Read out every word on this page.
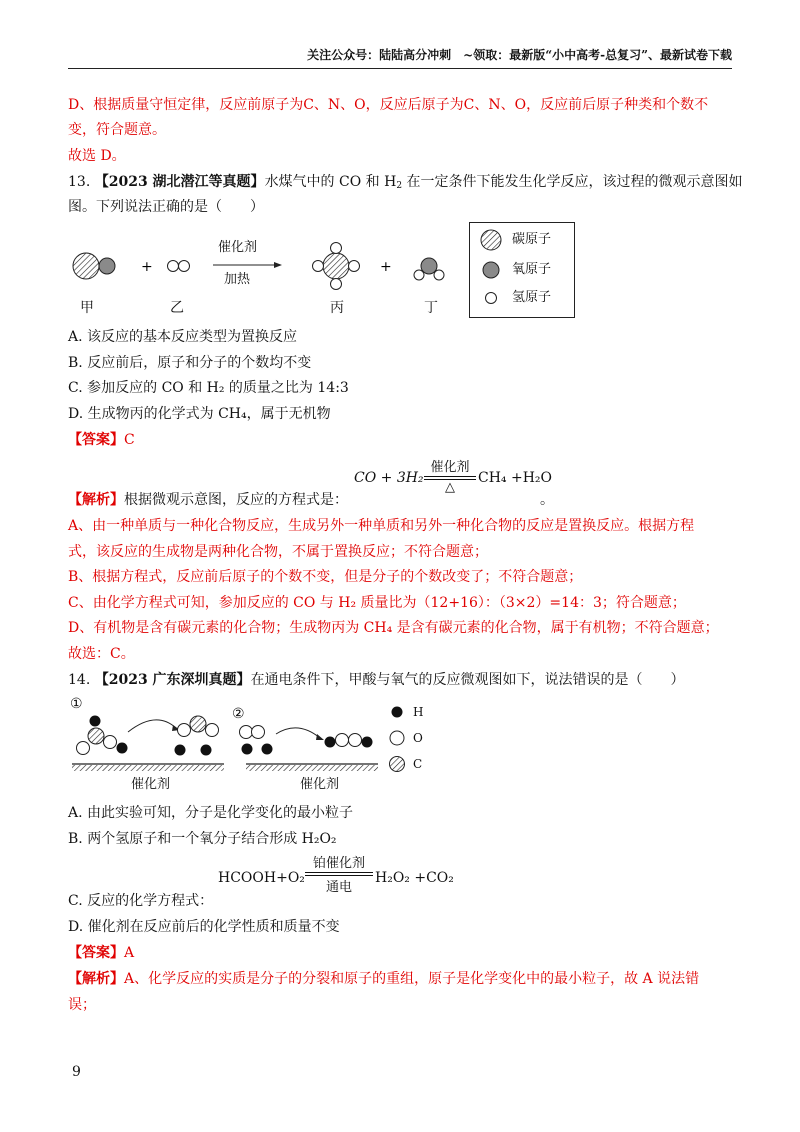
关注公众号：陆陆高分冲刺　~领取：最新版“小中高考-总复习”、最新试卷下载
D、根据质量守恒定律，反应前原子为C、N、O，反应后原子为C、N、O，反应前后原子种类和个数不
变，符合题意。
故选 D。
13. 【2023 湖北潜江等真题】水煤气中的 CO 和 $H_2$ 在一定条件下能发生化学反应，该过程的微观示意图如
图。下列说法正确的是（　　）
+	+
催化剂
加热
甲	乙	丙	丁
碳原子
氧原子
氢原子
A. 该反应的基本反应类型为置换反应
B. 反应前后，原子和分子的个数均不变
C. 参加反应的 CO 和 H₂ 的质量之比为 14:3
D. 生成物丙的化学式为 CH₄，属于无机物
【答案】C
CO + 3H₂
催化剂
△
CH₄ +H₂O
【解析】根据微观示意图，反应的方程式是：	。
A、由一种单质与一种化合物反应，生成另外一种单质和另外一种化合物的反应是置换反应。根据方程
式，该反应的生成物是两种化合物，不属于置换反应；不符合题意；
B、根据方程式，反应前后原子的个数不变，但是分子的个数改变了；不符合题意；
C、由化学方程式可知，参加反应的 CO 与 H₂ 质量比为（12+16）：（3×2）=14：3；符合题意；
D、有机物是含有碳元素的化合物；生成物丙为 CH₄ 是含有碳元素的化合物，属于有机物；不符合题意；
故选：C。
14. 【2023 广东深圳真题】在通电条件下，甲酸与氧气的反应微观图如下，说法错误的是（　　）
①
②	H
O
C
催化剂	催化剂
A. 由此实验可知，分子是化学变化的最小粒子
B. 两个氢原子和一个氧分子结合形成 H₂O₂
HCOOH+O₂
铂催化剂
通电
H₂O₂ +CO₂
C. 反应的化学方程式：
D. 催化剂在反应前后的化学性质和质量不变
【答案】A
【解析】A、化学反应的实质是分子的分裂和原子的重组，原子是化学变化中的最小粒子，故 A 说法错
误；
9
